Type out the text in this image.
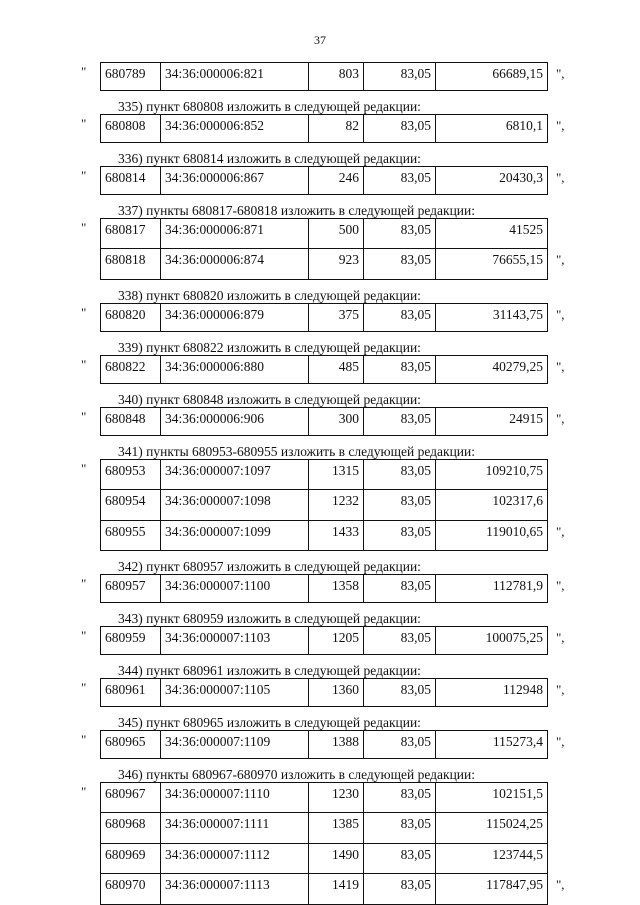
37
680789	34:36:000006:821	803	83,05	66689,15
"	",
335) пункт 680808 изложить в следующей редакции:
680808	34:36:000006:852	82	83,05	6810,1
"	",
336) пункт 680814 изложить в следующей редакции:
680814	34:36:000006:867	246	83,05	20430,3
"	",
337) пункты 680817-680818 изложить в следующей редакции:
680817	34:36:000006:871	500	83,05	41525
680818	34:36:000006:874	923	83,05	76655,15
"
",
338) пункт 680820 изложить в следующей редакции:
680820	34:36:000006:879	375	83,05	31143,75
"	",
339) пункт 680822 изложить в следующей редакции:
680822	34:36:000006:880	485	83,05	40279,25
"	",
340) пункт 680848 изложить в следующей редакции:
680848	34:36:000006:906	300	83,05	24915
"	",
341) пункты 680953-680955 изложить в следующей редакции:
680953	34:36:000007:1097	1315	83,05	109210,75
680954	34:36:000007:1098	1232	83,05	102317,6
680955	34:36:000007:1099	1433	83,05	119010,65
"
",
342) пункт 680957 изложить в следующей редакции:
680957	34:36:000007:1100	1358	83,05	112781,9
"	",
343) пункт 680959 изложить в следующей редакции:
680959	34:36:000007:1103	1205	83,05	100075,25
"	",
344) пункт 680961 изложить в следующей редакции:
680961	34:36:000007:1105	1360	83,05	112948
"	",
345) пункт 680965 изложить в следующей редакции:
680965	34:36:000007:1109	1388	83,05	115273,4
"	",
346) пункты 680967-680970 изложить в следующей редакции:
680967	34:36:000007:1110	1230	83,05	102151,5
680968	34:36:000007:1111	1385	83,05	115024,25
680969	34:36:000007:1112	1490	83,05	123744,5
680970	34:36:000007:1113	1419	83,05	117847,95
"
",
